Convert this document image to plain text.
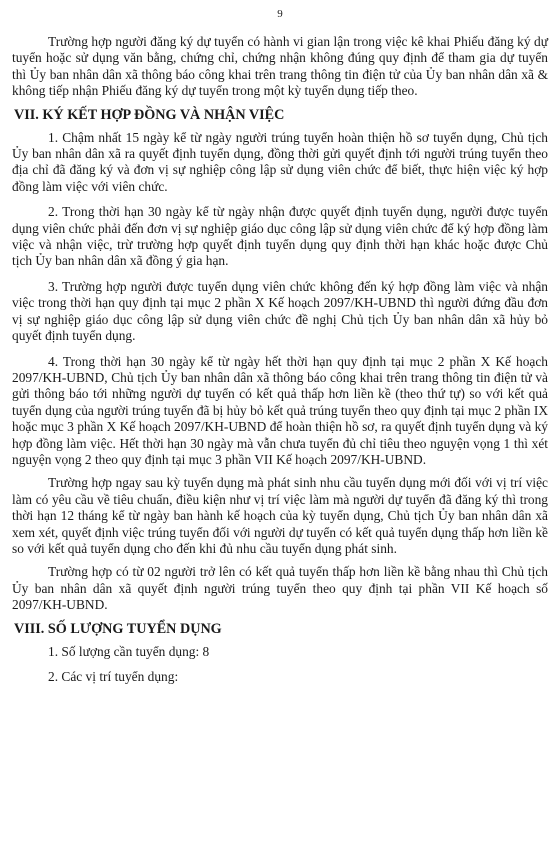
9

Trường hợp người đăng ký dự tuyển có hành vi gian lận trong việc kê khai Phiếu đăng ký dự tuyển hoặc sử dụng văn bằng, chứng chỉ, chứng nhận không đúng quy định để tham gia dự tuyển thì Ủy ban nhân dân xã thông báo công khai trên trang thông tin điện tử của Ủy ban nhân dân xã & không tiếp nhận Phiếu đăng ký dự tuyển trong một kỳ tuyển dụng tiếp theo.

VII. KÝ KẾT HỢP ĐỒNG VÀ NHẬN VIỆC

1. Chậm nhất 15 ngày kể từ ngày người trúng tuyển hoàn thiện hồ sơ tuyển dụng, Chủ tịch Ủy ban nhân dân xã ra quyết định tuyển dụng, đồng thời gửi quyết định tới người trúng tuyển theo địa chỉ đã đăng ký và đơn vị sự nghiệp công lập sử dụng viên chức để biết, thực hiện việc ký hợp đồng làm việc với viên chức.

2. Trong thời hạn 30 ngày kể từ ngày nhận được quyết định tuyển dụng, người được tuyển dụng viên chức phải đến đơn vị sự nghiệp giáo dục công lập sử dụng viên chức để ký hợp đồng làm việc và nhận việc, trừ trường hợp quyết định tuyển dụng quy định thời hạn khác hoặc được Chủ tịch Ủy ban nhân dân xã đồng ý gia hạn.

3. Trường hợp người được tuyển dụng viên chức không đến ký hợp đồng làm việc và nhận việc trong thời hạn quy định tại mục 2 phần X Kế hoạch 2097/KH-UBND thì người đứng đầu đơn vị sự nghiệp giáo dục công lập sử dụng viên chức đề nghị Chủ tịch Ủy ban nhân dân xã hủy bỏ quyết định tuyển dụng.

4. Trong thời hạn 30 ngày kể từ ngày hết thời hạn quy định tại mục 2 phần X Kế hoạch 2097/KH-UBND, Chủ tịch Ủy ban nhân dân xã thông báo công khai trên trang thông tin điện tử và gửi thông báo tới những người dự tuyển có kết quả thấp hơn liền kề (theo thứ tự) so với kết quả tuyển dụng của người trúng tuyển đã bị hủy bỏ kết quả trúng tuyển theo quy định tại mục 2 phần IX hoặc mục 3 phần X Kế hoạch 2097/KH-UBND để hoàn thiện hồ sơ, ra quyết định tuyển dụng và ký hợp đồng làm việc. Hết thời hạn 30 ngày mà vẫn chưa tuyển đủ chỉ tiêu theo nguyện vọng 1 thì xét nguyện vọng 2 theo quy định tại mục 3 phần VII Kế hoạch 2097/KH-UBND.

Trường hợp ngay sau kỳ tuyển dụng mà phát sinh nhu cầu tuyển dụng mới đối với vị trí việc làm có yêu cầu về tiêu chuẩn, điều kiện như vị trí việc làm mà người dự tuyển đã đăng ký thì trong thời hạn 12 tháng kể từ ngày ban hành kế hoạch của kỳ tuyển dụng, Chủ tịch Ủy ban nhân dân xã xem xét, quyết định việc trúng tuyển đối với người dự tuyển có kết quả tuyển dụng thấp hơn liền kề so với kết quả tuyển dụng cho đến khi đủ nhu cầu tuyển dụng phát sinh.

Trường hợp có từ 02 người trở lên có kết quả tuyển thấp hơn liền kề bằng nhau thì Chủ tịch Ủy ban nhân dân xã quyết định người trúng tuyển theo quy định tại phần VII Kế hoạch số 2097/KH-UBND.

VIII. SỐ LƯỢNG TUYỂN DỤNG

1. Số lượng cần tuyển dụng: 8

2. Các vị trí tuyển dụng:
